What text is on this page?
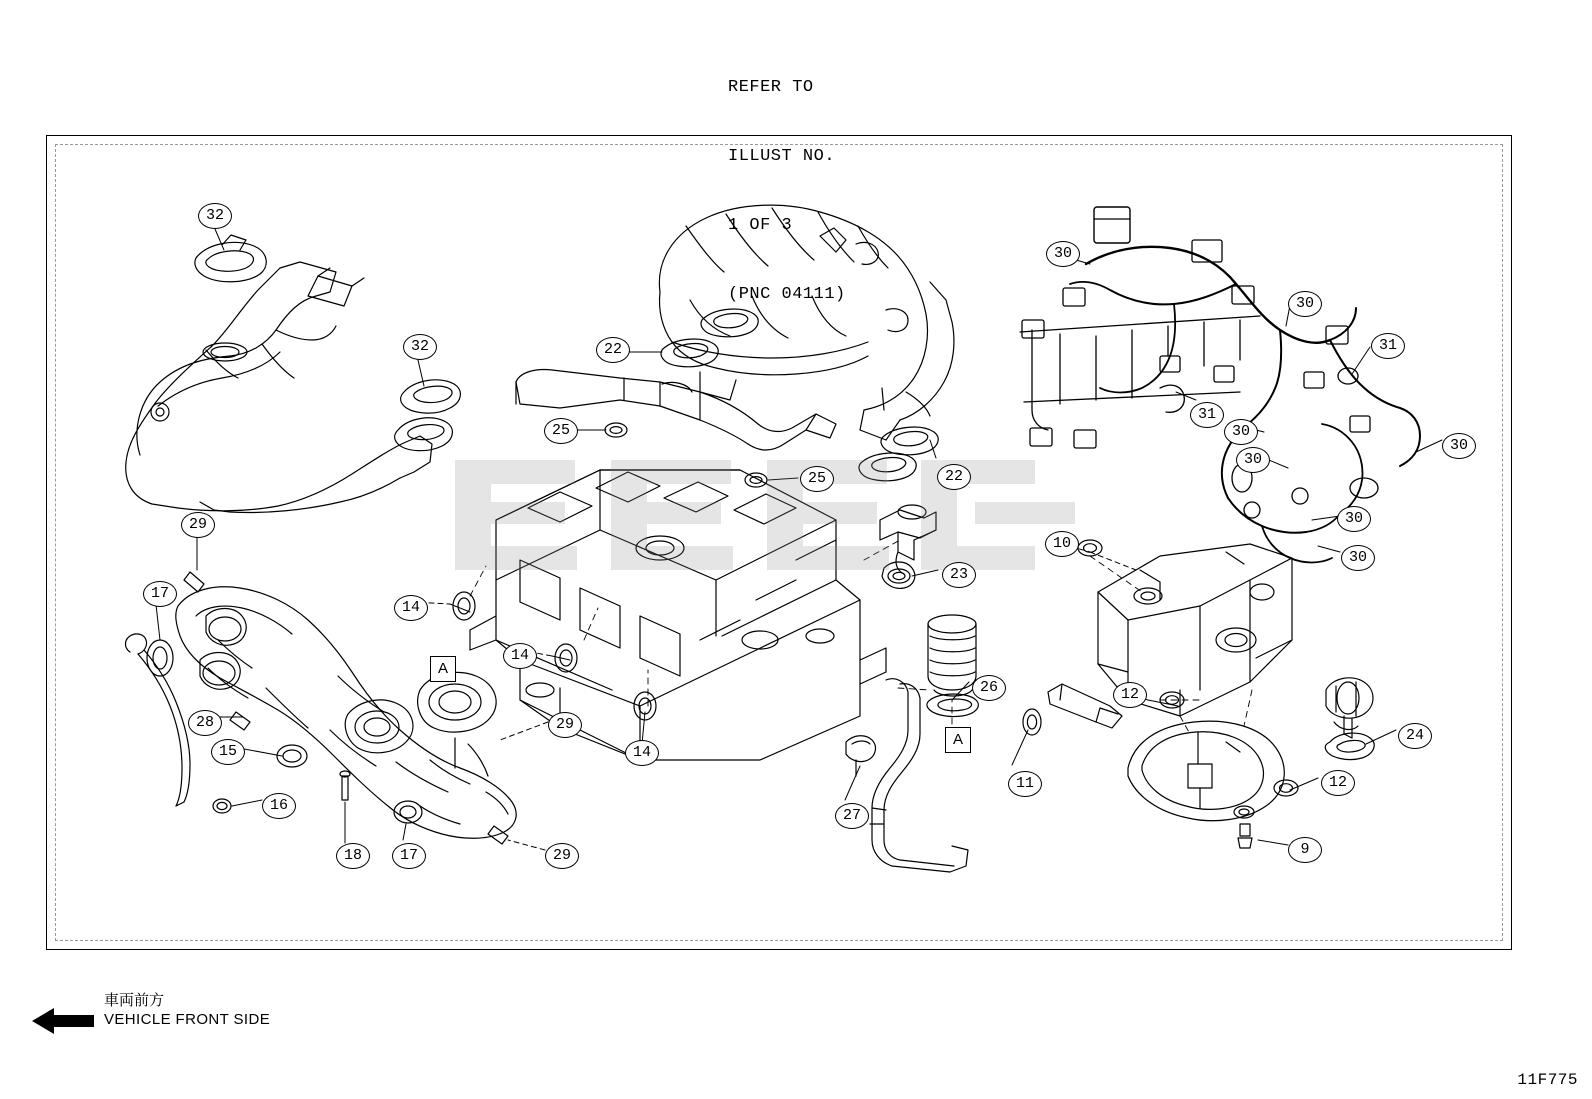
REFER TO

ILLUST NO.

1 OF 3

(PNC 04111)

32
32	22
22
25
25
30
30
31
31
30
30
30
30
30
10
23
29
17
14
14
14
29
28
15
16
18	17	29
26
11
27
12
12
24
9
A
A
車両前方
VEHICLE FRONT SIDE
11F775
